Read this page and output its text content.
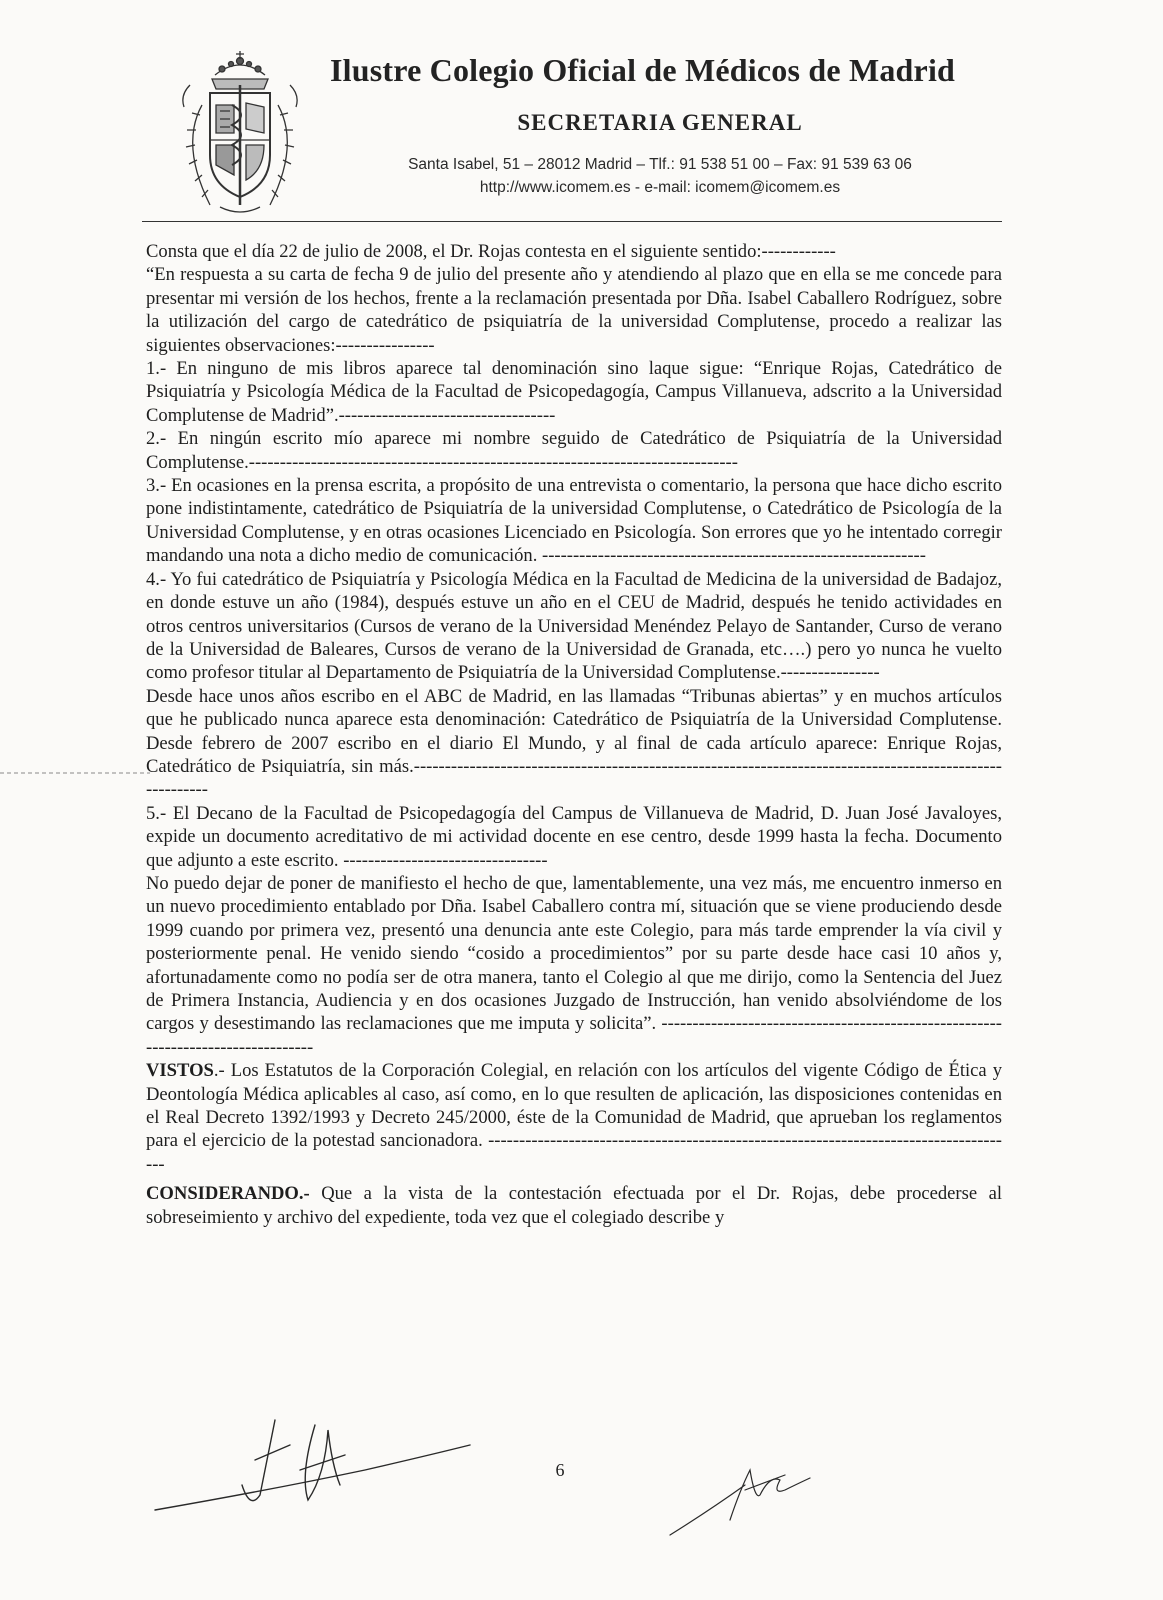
Ilustre Colegio Oficial de Médicos de Madrid
SECRETARIA GENERAL
Santa Isabel, 51 – 28012 Madrid – Tlf.: 91 538 51 00 – Fax: 91 539 63 06
http://www.icomem.es - e-mail: icomem@icomem.es

Consta que el día 22 de julio de 2008, el Dr. Rojas contesta en el siguiente sentido:------------

“En respuesta a su carta de fecha 9 de julio del presente año y atendiendo al plazo que en ella se me concede para presentar mi versión de los hechos, frente a la reclamación presentada por Dña. Isabel Caballero Rodríguez, sobre la utilización del cargo de catedrático de psiquiatría de la universidad Complutense, procedo a realizar las siguientes observaciones:----------------

1.- En ninguno de mis libros aparece tal denominación sino laque sigue: “Enrique Rojas, Catedrático de Psiquiatría y Psicología Médica de la Facultad de Psicopedagogía, Campus Villanueva, adscrito a la Universidad Complutense de Madrid”.-----------------------------------

2.- En ningún escrito mío aparece mi nombre seguido de Catedrático de Psiquiatría de la Universidad Complutense.-------------------------------------------------------------------------------

3.- En ocasiones en la prensa escrita, a propósito de una entrevista o comentario, la persona que hace dicho escrito pone indistintamente, catedrático de Psiquiatría de la universidad Complutense, o Catedrático de Psicología de la Universidad Complutense, y en otras ocasiones Licenciado en Psicología. Son errores que yo he intentado corregir mandando una nota a dicho medio de comunicación. --------------------------------------------------------------

4.- Yo fui catedrático de Psiquiatría y Psicología Médica en la Facultad de Medicina de la universidad de Badajoz, en donde estuve un año (1984), después estuve un año en el CEU de Madrid, después he tenido actividades en otros centros universitarios (Cursos de verano de la Universidad Menéndez Pelayo de Santander, Curso de verano de la Universidad de Baleares, Cursos de verano de la Universidad de Granada, etc….) pero yo nunca he vuelto como profesor titular al Departamento de Psiquiatría de la Universidad Complutense.----------------

Desde hace unos años escribo en el ABC de Madrid, en las llamadas “Tribunas abiertas” y en muchos artículos que he publicado nunca aparece esta denominación: Catedrático de Psiquiatría de la Universidad Complutense. Desde febrero de 2007 escribo en el diario El Mundo, y al final de cada artículo aparece: Enrique Rojas, Catedrático de Psiquiatría, sin más.---------------------------------------------------------------------------------------------------------

5.- El Decano de la Facultad de Psicopedagogía del Campus de Villanueva de Madrid, D. Juan José Javaloyes, expide un documento acreditativo de mi actividad docente en ese centro, desde 1999 hasta la fecha. Documento que adjunto a este escrito. ---------------------------------

No puedo dejar de poner de manifiesto el hecho de que, lamentablemente, una vez más, me encuentro inmerso en un nuevo procedimiento entablado por Dña. Isabel Caballero contra mí, situación que se viene produciendo desde 1999 cuando por primera vez, presentó una denuncia ante este Colegio, para más tarde emprender la vía civil y posteriormente penal. He venido siendo “cosido a procedimientos” por su parte desde hace casi 10 años y, afortunadamente como no podía ser de otra manera, tanto el Colegio al que me dirijo, como la Sentencia del Juez de Primera Instancia, Audiencia y en dos ocasiones Juzgado de Instrucción, han venido absolviéndome de los cargos y desestimando las reclamaciones que me imputa y solicita”. ----------------------------------------------------------------------------------

VISTOS.- Los Estatutos de la Corporación Colegial, en relación con los artículos del vigente Código de Ética y Deontología Médica aplicables al caso, así como, en lo que resulten de aplicación, las disposiciones contenidas en el Real Decreto 1392/1993 y Decreto 245/2000, éste de la Comunidad de Madrid, que aprueban los reglamentos para el ejercicio de la potestad sancionadora. --------------------------------------------------------------------------------------

CONSIDERANDO.- Que a la vista de la contestación efectuada por el Dr. Rojas, debe procederse al sobreseimiento y archivo del expediente, toda vez que el colegiado describe y

6
